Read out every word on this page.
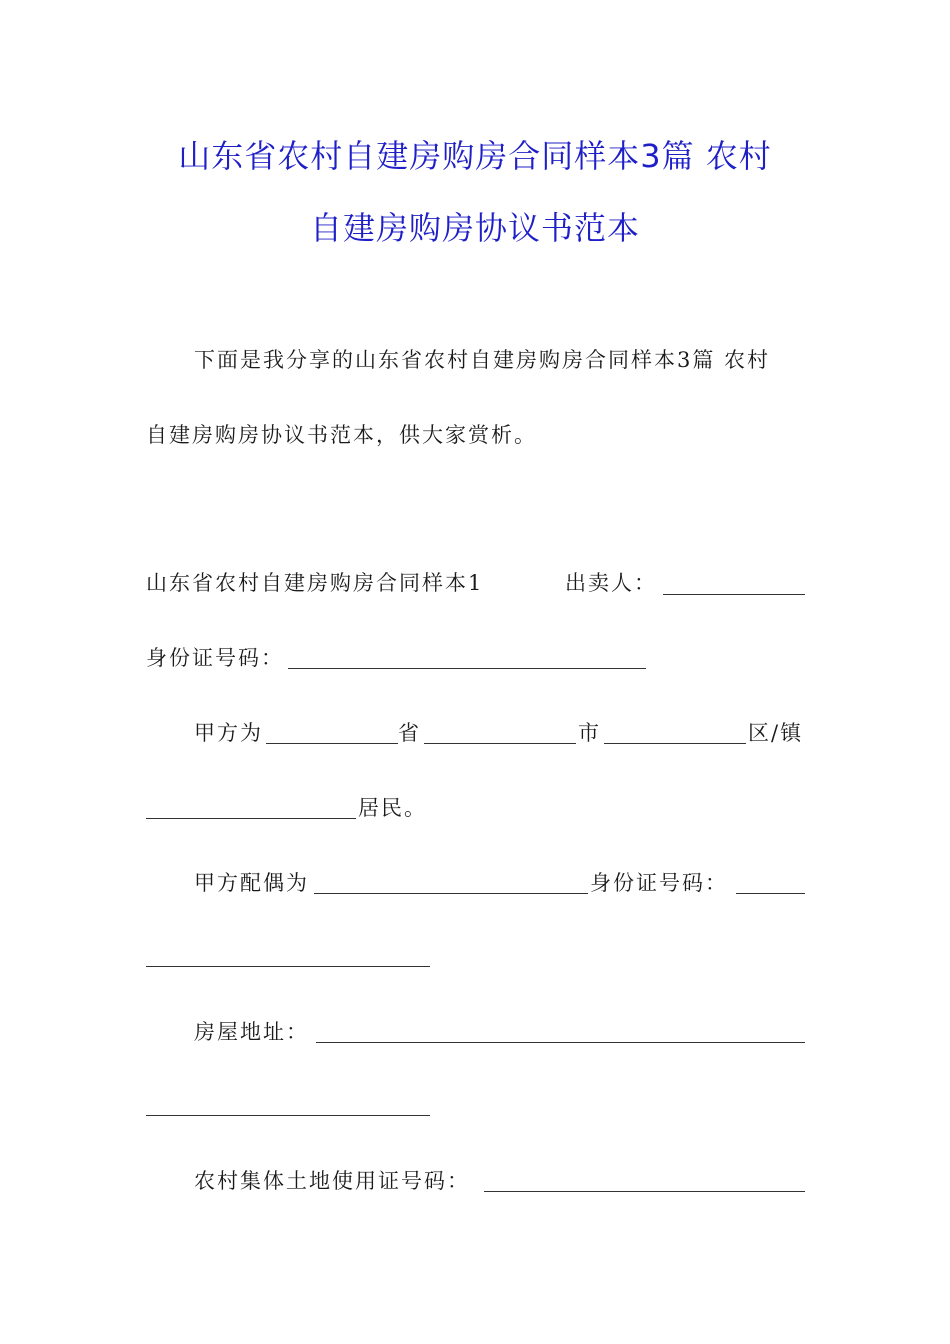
山东省农村自建房购房合同样本3篇 农村
自建房购房协议书范本
下面是我分享的山东省农村自建房购房合同样本3篇 农村
自建房购房协议书范本，供大家赏析。
山东省农村自建房购房合同样本1	出卖人：
身份证号码：
甲方为	省	市	区/镇
居民。
甲方配偶为	身份证号码：
房屋地址：
农村集体土地使用证号码：
